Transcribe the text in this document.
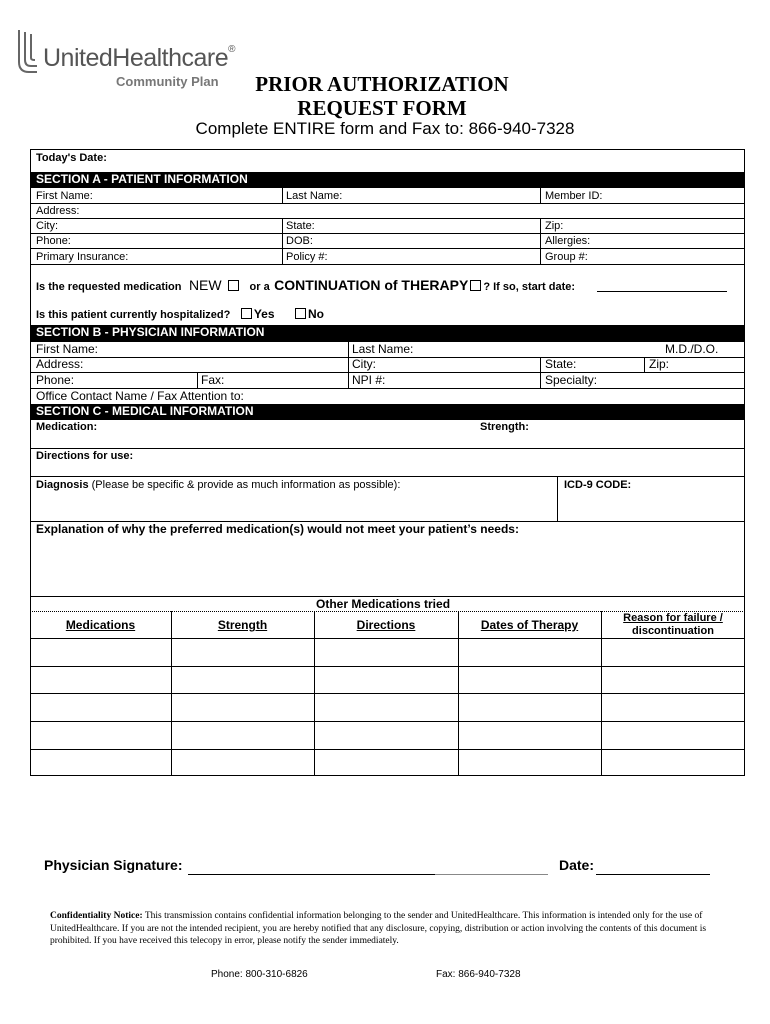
UnitedHealthcare®
Community Plan	PRIOR AUTHORIZATION
REQUEST FORM
Complete ENTIRE form and Fax to: 866-940-7328
Today's Date:
SECTION A - PATIENT INFORMATION
First Name:	Last Name:	Member ID:
Address:
City:	State:	Zip:
Phone:	DOB:	Allergies:
Primary Insurance:	Policy #:	Group #:
Is the requested medication NEW	or a CONTINUATION of THERAPY ? If so, start date:
Is this patient currently hospitalized? Yes	No
SECTION B - PHYSICIAN INFORMATION
First Name:	Last Name:	M.D./D.O.
Address:	City:	State:	Zip:
Phone:	Fax:	NPI #:	Specialty:
Office Contact Name / Fax Attention to:
SECTION C - MEDICAL INFORMATION
Medication:	Strength:
Directions for use:
Diagnosis (Please be specific & provide as much information as possible):	ICD-9 CODE:
Explanation of why the preferred medication(s) would not meet your patient’s needs:
Other Medications tried
Medications	Strength	Directions	Dates of Therapy	Reason for failure /
discontinuation
Physician Signature:	Date:
Confidentiality Notice: This transmission contains confidential information belonging to the sender and UnitedHealthcare. This information is intended only for the use of UnitedHealthcare. If you are not the intended recipient, you are hereby notified that any disclosure, copying, distribution or action involving the contents of this document is prohibited. If you have received this telecopy in error, please notify the sender immediately.
Phone: 800-310-6826	Fax: 866-940-7328
